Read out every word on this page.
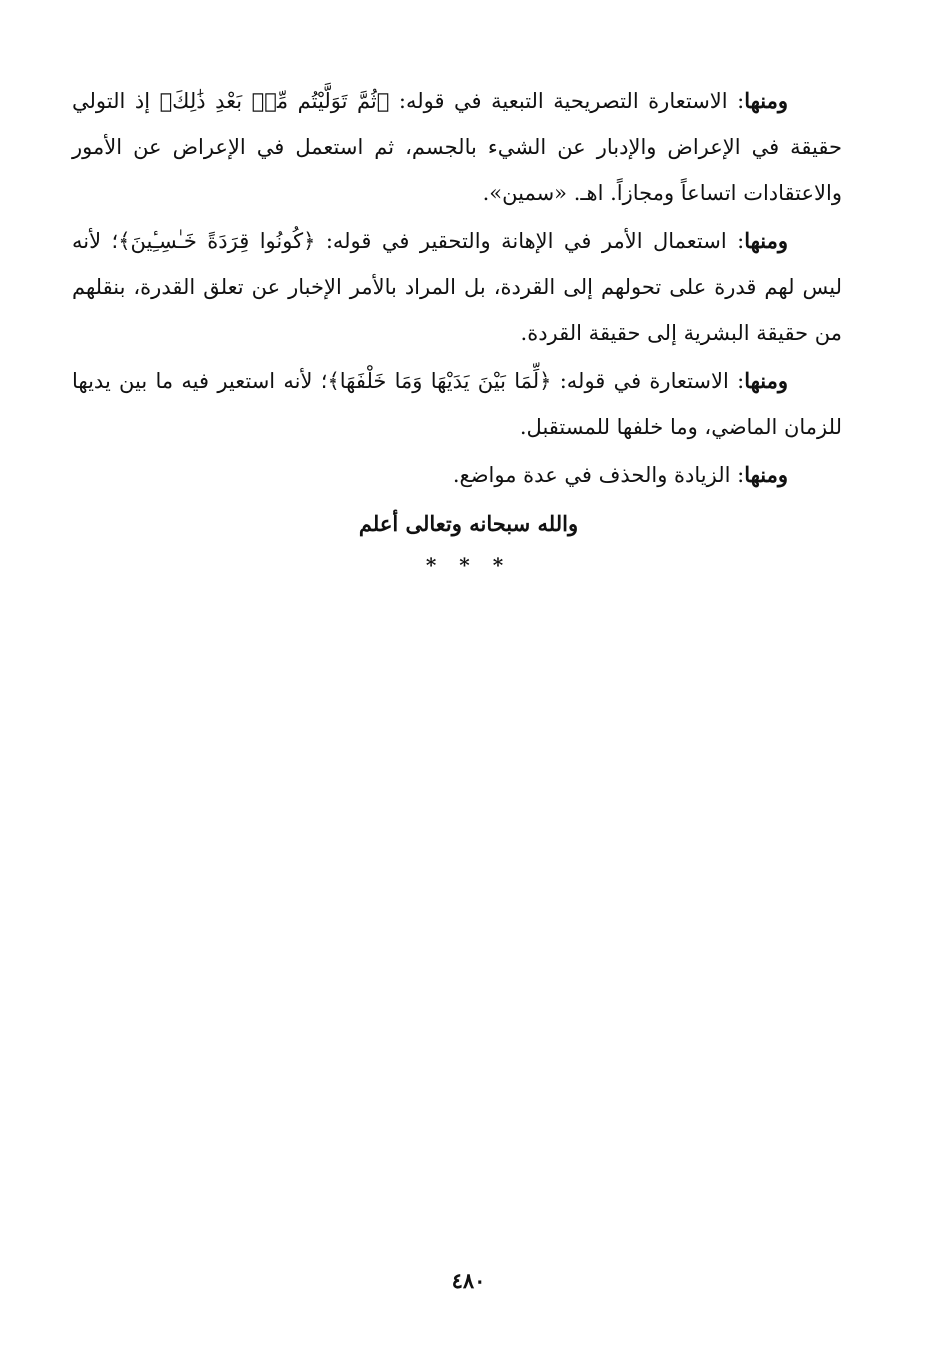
ومنها: الاستعارة التصريحية التبعية في قوله: ﴿ثُمَّ تَوَلَّيْتُم مِّنۢ بَعْدِ ذَٰلِكَ﴾ إذ التولي حقيقة في الإعراض والإدبار عن الشيء بالجسم، ثم استعمل في الإعراض عن الأمور والاعتقادات اتساعاً ومجازاً. اهـ. «سمين».

ومنها: استعمال الأمر في الإهانة والتحقير في قوله: ﴿كُونُوا قِرَدَةً خَـٰسِـِٔينَ﴾؛ لأنه ليس لهم قدرة على تحولهم إلى القردة، بل المراد بالأمر الإخبار عن تعلق القدرة، بنقلهم من حقيقة البشرية إلى حقيقة القردة.

ومنها: الاستعارة في قوله: ﴿لِّمَا بَيْنَ يَدَيْهَا وَمَا خَلْفَهَا﴾؛ لأنه استعير فيه ما بين يديها للزمان الماضي، وما خلفها للمستقبل.

ومنها: الزيادة والحذف في عدة مواضع.

والله سبحانه وتعالى أعلم
* * *
٤٨٠
